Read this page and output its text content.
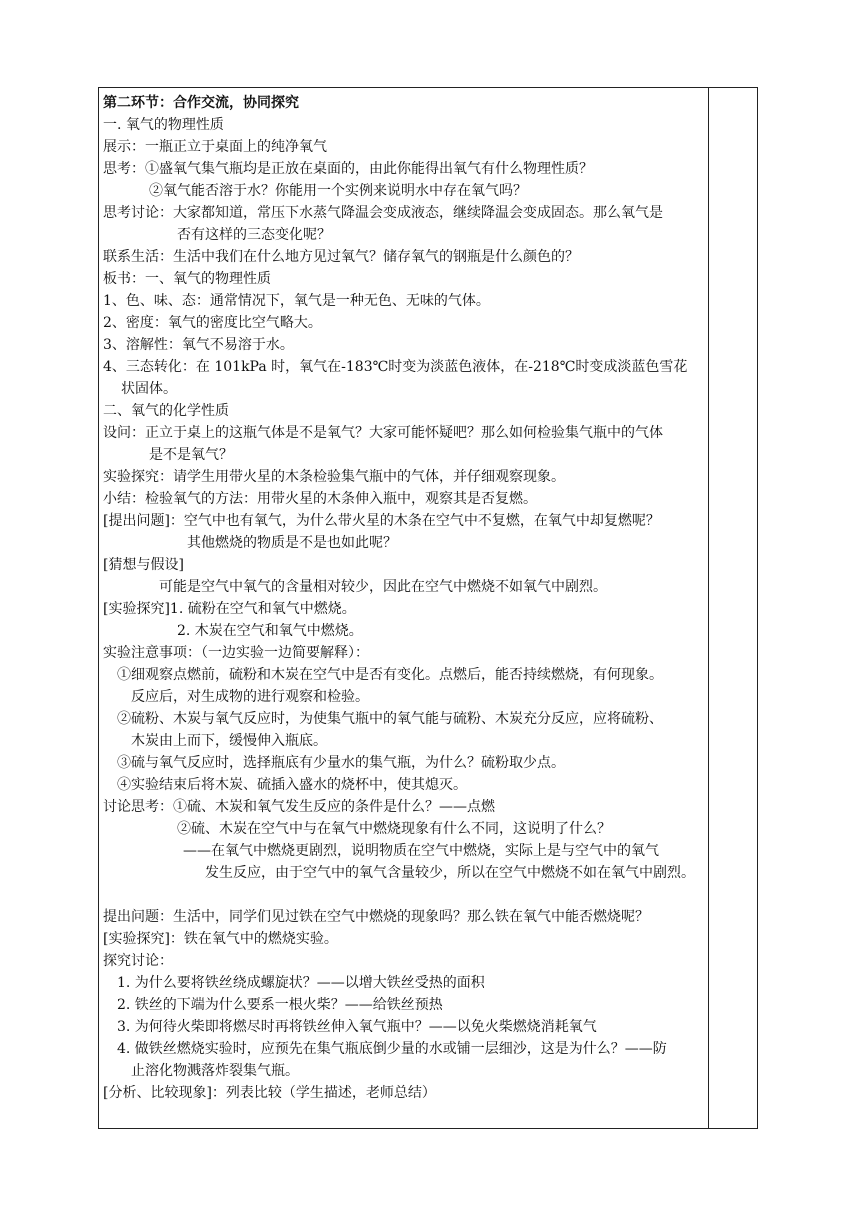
第二环节：合作交流，协同探究
一. 氧气的物理性质
展示：一瓶正立于桌面上的纯净氧气
思考：①盛氧气集气瓶均是正放在桌面的，由此你能得出氧气有什么物理性质？
②氧气能否溶于水？你能用一个实例来说明水中存在氧气吗？
思考讨论：大家都知道，常压下水蒸气降温会变成液态，继续降温会变成固态。那么氧气是
否有这样的三态变化呢？
联系生活：生活中我们在什么地方见过氧气？储存氧气的钢瓶是什么颜色的？
板书：一、氧气的物理性质
1、色、味、态：通常情况下，氧气是一种无色、无味的气体。
2、密度：氧气的密度比空气略大。
3、溶解性：氧气不易溶于水。
4、三态转化：在 101kPa 时，氧气在-183℃时变为淡蓝色液体，在-218℃时变成淡蓝色雪花
状固体。
二、氧气的化学性质
设问：正立于桌上的这瓶气体是不是氧气？大家可能怀疑吧？那么如何检验集气瓶中的气体
是不是氧气？
实验探究：请学生用带火星的木条检验集气瓶中的气体，并仔细观察现象。
小结：检验氧气的方法：用带火星的木条伸入瓶中，观察其是否复燃。
[提出问题]：空气中也有氧气，为什么带火星的木条在空气中不复燃，在氧气中却复燃呢？
其他燃烧的物质是不是也如此呢？
[猜想与假设]
可能是空气中氧气的含量相对较少，因此在空气中燃烧不如氧气中剧烈。
[实验探究]1. 硫粉在空气和氧气中燃烧。
2. 木炭在空气和氧气中燃烧。
实验注意事项：（一边实验一边简要解释）：
①细观察点燃前，硫粉和木炭在空气中是否有变化。点燃后，能否持续燃烧，有何现象。
反应后，对生成物的进行观察和检验。
②硫粉、木炭与氧气反应时，为使集气瓶中的氧气能与硫粉、木炭充分反应，应将硫粉、
木炭由上而下，缓慢伸入瓶底。
③硫与氧气反应时，选择瓶底有少量水的集气瓶，为什么？硫粉取少点。
④实验结束后将木炭、硫插入盛水的烧杯中，使其熄灭。
讨论思考：①硫、木炭和氧气发生反应的条件是什么？——点燃
②硫、木炭在空气中与在氧气中燃烧现象有什么不同，这说明了什么？
——在氧气中燃烧更剧烈，说明物质在空气中燃烧，实际上是与空气中的氧气
发生反应，由于空气中的氧气含量较少，所以在空气中燃烧不如在氧气中剧烈。
提出问题：生活中，同学们见过铁在空气中燃烧的现象吗？那么铁在氧气中能否燃烧呢？
[实验探究]：铁在氧气中的燃烧实验。
探究讨论：
1. 为什么要将铁丝绕成螺旋状？——以增大铁丝受热的面积
2. 铁丝的下端为什么要系一根火柴？——给铁丝预热
3. 为何待火柴即将燃尽时再将铁丝伸入氧气瓶中？——以免火柴燃烧消耗氧气
4. 做铁丝燃烧实验时，应预先在集气瓶底倒少量的水或铺一层细沙，这是为什么？——防
止溶化物溅落炸裂集气瓶。
[分析、比较现象]：列表比较（学生描述，老师总结）
